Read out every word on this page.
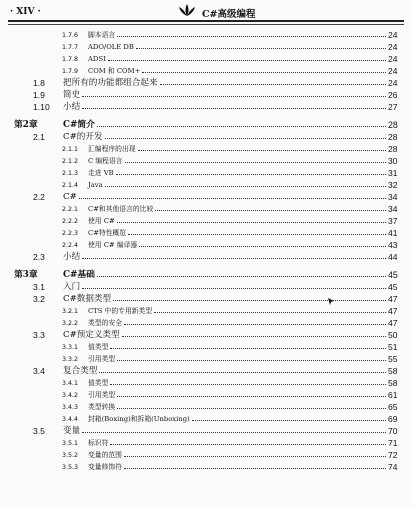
· XIV ·	C#高级编程
1.7.6 脚本语言	24
1.7.7 ADO/OLE DB	24
1.7.8 ADSI	24
1.7.9 COM 和 COM+	24
1.8 把所有的功能都组合起来	24
1.9 简史	26
1.10 小结	27
第2章	C#简介	28
2.1 C#的开发	28
2.1.1 汇编程序的出现	28
2.1.2 C 编程语言	30
2.1.3 走进 VB	31
2.1.4 Java	32
2.2 C#	34
2.2.1 C#和其他语言的比较	34
2.2.2 使用 C#	37
2.2.3 C#特性概览	41
2.2.4 使用 C# 编译器	43
2.3 小结	44
第3章	C#基础	45
3.1 入门	45
3.2 C#数据类型	47
3.2.1 CTS 中的专用新类型	47
3.2.2 类型的安全	47
3.3 C#预定义类型	50
3.3.1 值类型	51
3.3.2 引用类型	55
3.4 复合类型	58
3.4.1 值类型	58
3.4.2 引用类型	61
3.4.3 类型转换	65
3.4.4 封箱(Boxing)和拆箱(Unboxing)	69
3.5 变量	70
3.5.1 标识符	71
3.5.2 变量的范围	72
3.5.3 变量修饰符	74
